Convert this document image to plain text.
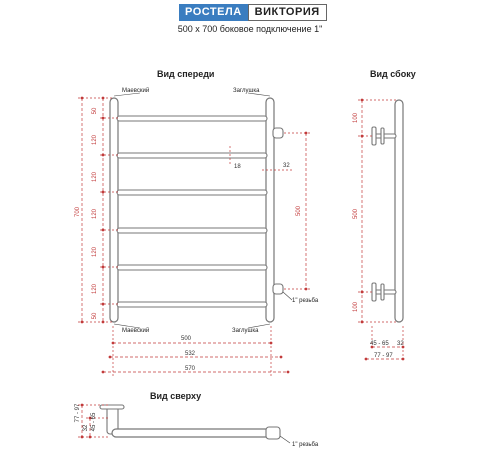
РОСТЕЛА	ВИКТОРИЯ
500 х 700 боковое подключение 1"
Вид спереди	Вид сбоку
Вид сверху
50
120
120
120
120
120
50
700	500
18	32
500
532
570
Маевский	Заглушка
Маевский	Заглушка
1" резьба
100
500
100
45 - 65 32
77 - 97
77 - 97
32 45 - 65
1" резьба
